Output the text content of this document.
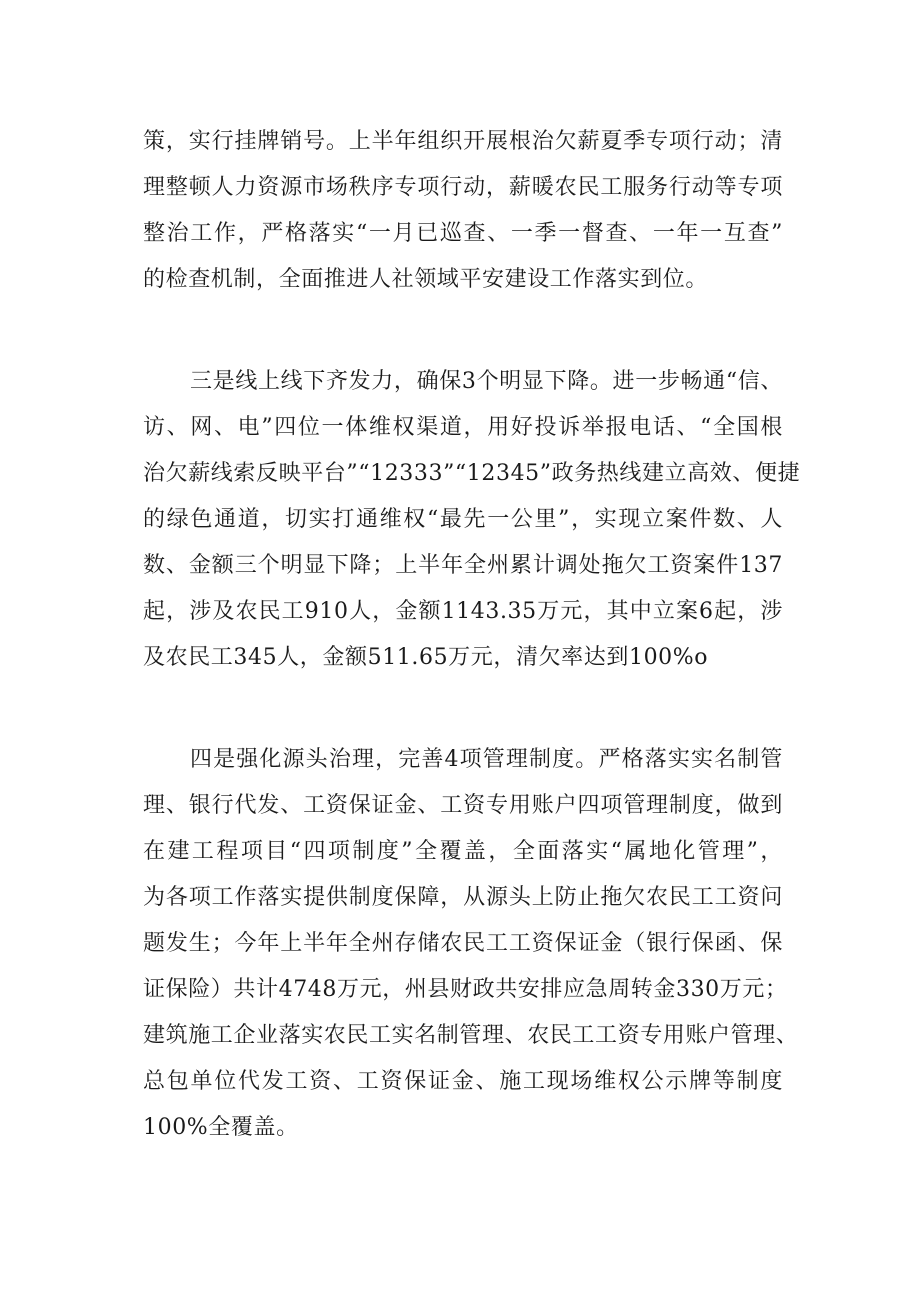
策，实行挂牌销号。上半年组织开展根治欠薪夏季专项行动；清
理整顿人力资源市场秩序专项行动，薪暖农民工服务行动等专项
整治工作，严格落实“一月已巡查、一季一督查、一年一互查”
的检查机制，全面推进人社领域平安建设工作落实到位。
三是线上线下齐发力，确保3个明显下降。进一步畅通“信、
访、网、电”四位一体维权渠道，用好投诉举报电话、“全国根
治欠薪线索反映平台”“12333”“12345”政务热线建立高效、便捷
的绿色通道，切实打通维权“最先一公里”，实现立案件数、人
数、金额三个明显下降；上半年全州累计调处拖欠工资案件137
起，涉及农民工910人，金额1143.35万元，其中立案6起，涉
及农民工345人，金额511.65万元，清欠率达到100%o
四是强化源头治理，完善4项管理制度。严格落实实名制管
理、银行代发、工资保证金、工资专用账户四项管理制度，做到
在建工程项目“四项制度”全覆盖，全面落实“属地化管理”，
为各项工作落实提供制度保障，从源头上防止拖欠农民工工资问
题发生；今年上半年全州存储农民工工资保证金（银行保函、保
证保险）共计4748万元，州县财政共安排应急周转金330万元；
建筑施工企业落实农民工实名制管理、农民工工资专用账户管理、
总包单位代发工资、工资保证金、施工现场维权公示牌等制度
100%全覆盖。
